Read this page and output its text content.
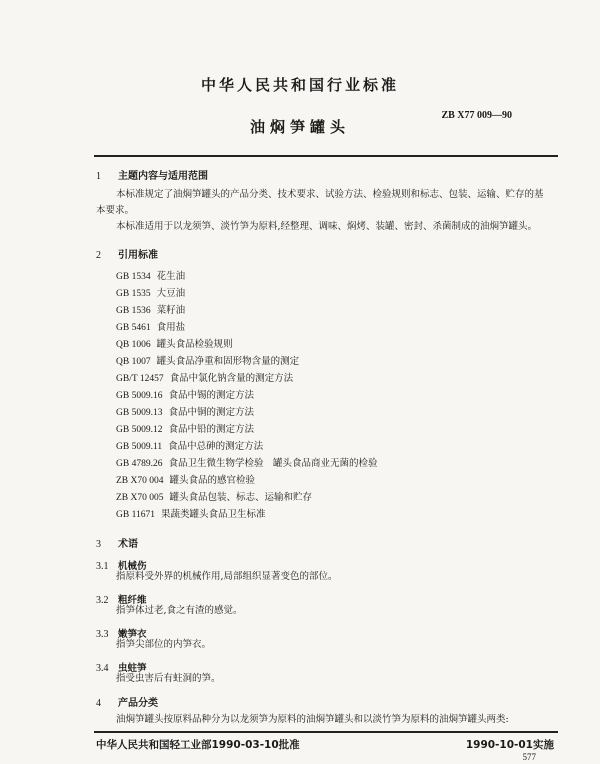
中华人民共和国行业标准
油焖笋罐头
ZB X77 009—90
1 主题内容与适用范围
本标准规定了油焖笋罐头的产品分类、技术要求、试验方法、检验规则和标志、包装、运输、贮存的基
本要求。
本标准适用于以龙须笋、淡竹笋为原料,经整理、调味、焖烤、装罐、密封、杀菌制成的油焖笋罐头。
2 引用标准
GB 1534 花生油
GB 1535 大豆油
GB 1536 菜籽油
GB 5461 食用盐
QB 1006 罐头食品检验规则
QB 1007 罐头食品净重和固形物含量的测定
GB/T 12457 食品中氯化钠含量的测定方法
GB 5009.16 食品中锡的测定方法
GB 5009.13 食品中铜的测定方法
GB 5009.12 食品中铅的测定方法
GB 5009.11 食品中总砷的测定方法
GB 4789.26 食品卫生微生物学检验　罐头食品商业无菌的检验
ZB X70 004 罐头食品的感官检验
ZB X70 005 罐头食品包装、标志、运输和贮存
GB 11671 果蔬类罐头食品卫生标准
3 术语
3.1 机械伤
指原料受外界的机械作用,局部组织显著变色的部位。
3.2 粗纤维
指笋体过老,食之有渣的感觉。
3.3 嫩笋衣
指笋尖部位的内笋衣。
3.4 虫蛀笋
指受虫害后有蛀洞的笋。
4 产品分类
油焖笋罐头按原料品种分为以龙须笋为原料的油焖笋罐头和以淡竹笋为原料的油焖笋罐头两类:
中华人民共和国轻工业部1990-03-10批准	1990-10-01实施
577
